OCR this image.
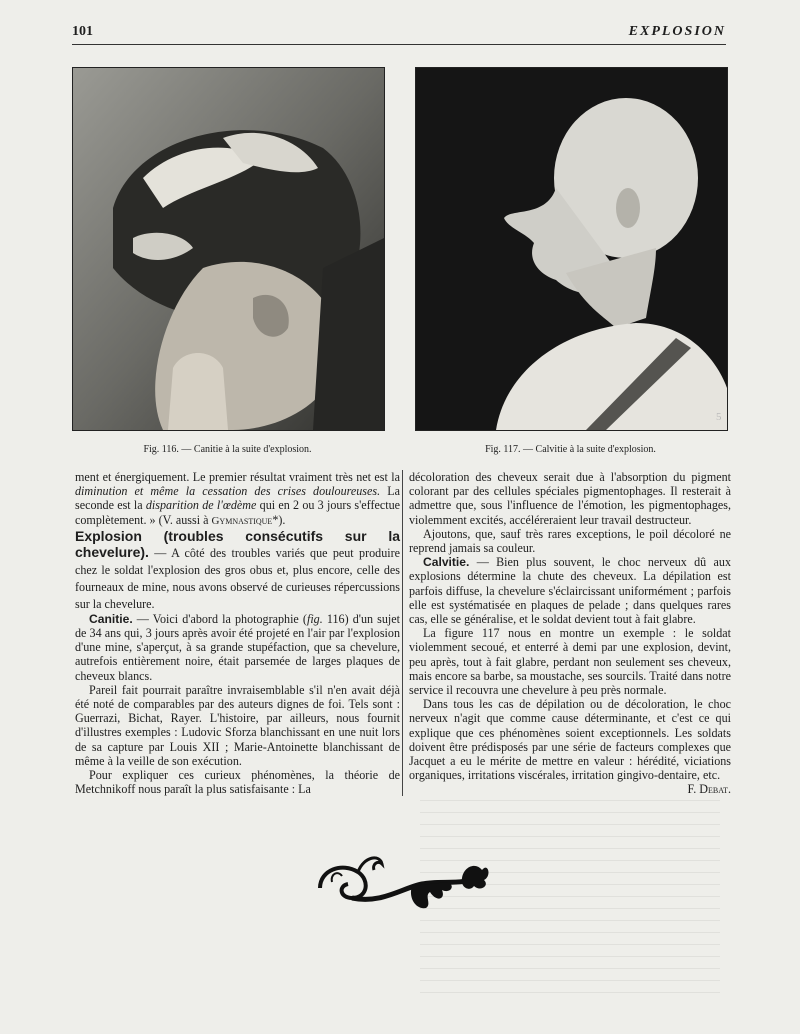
101	EXPLOSION
5
Fig. 116. — Canitie à la suite d'explosion.	Fig. 117. — Calvitie à la suite d'explosion.

ment et énergiquement. Le premier résultat vraiment très net est la diminution et même la cessation des crises douloureuses. La seconde est la disparition de l'œdème qui en 2 ou 3 jours s'effectue complètement. » (V. aussi à Gymnastique*).

Explosion (troubles consécutifs sur la chevelure). — A côté des troubles variés que peut produire chez le soldat l'explosion des gros obus et, plus encore, celle des fourneaux de mine, nous avons observé de curieuses répercussions sur la chevelure.

Canitie. — Voici d'abord la photographie (fig. 116) d'un sujet de 34 ans qui, 3 jours après avoir été projeté en l'air par l'explosion d'une mine, s'aperçut, à sa grande stupéfaction, que sa chevelure, autrefois entièrement noire, était parsemée de larges plaques de cheveux blancs.

Pareil fait pourrait paraître invraisemblable s'il n'en avait déjà été noté de comparables par des auteurs dignes de foi. Tels sont : Guerrazi, Bichat, Rayer. L'histoire, par ailleurs, nous fournit d'illustres exemples : Ludovic Sforza blanchissant en une nuit lors de sa capture par Louis XII ; Marie-Antoinette blanchissant de même à la veille de son exécution.

Pour expliquer ces curieux phénomènes, la théorie de Metchnikoff nous paraît la plus satisfaisante : La

décoloration des cheveux serait due à l'absorption du pigment colorant par des cellules spéciales pigmentophages. Il resterait à admettre que, sous l'influence de l'émotion, les pigmentophages, violemment excités, accéléreraient leur travail destructeur.

Ajoutons, que, sauf très rares exceptions, le poil décoloré ne reprend jamais sa couleur.

Calvitie. — Bien plus souvent, le choc nerveux dû aux explosions détermine la chute des cheveux. La dépilation est parfois diffuse, la chevelure s'éclaircissant uniformément ; parfois elle est systématisée en plaques de pelade ; dans quelques rares cas, elle se généralise, et le soldat devient tout à fait glabre.

La figure 117 nous en montre un exemple : le soldat violemment secoué, et enterré à demi par une explosion, devint, peu après, tout à fait glabre, perdant non seulement ses cheveux, mais encore sa barbe, sa moustache, ses sourcils. Traité dans notre service il recouvra une chevelure à peu près normale.

Dans tous les cas de dépilation ou de décoloration, le choc nerveux n'agit que comme cause déterminante, et c'est ce qui explique que ces phénomènes soient exceptionnels. Les soldats doivent être prédisposés par une série de facteurs complexes que Jacquet a eu le mérite de mettre en valeur : hérédité, viciations organiques, irritations viscérales, irritation gingivo-dentaire, etc.

F. Debat.
